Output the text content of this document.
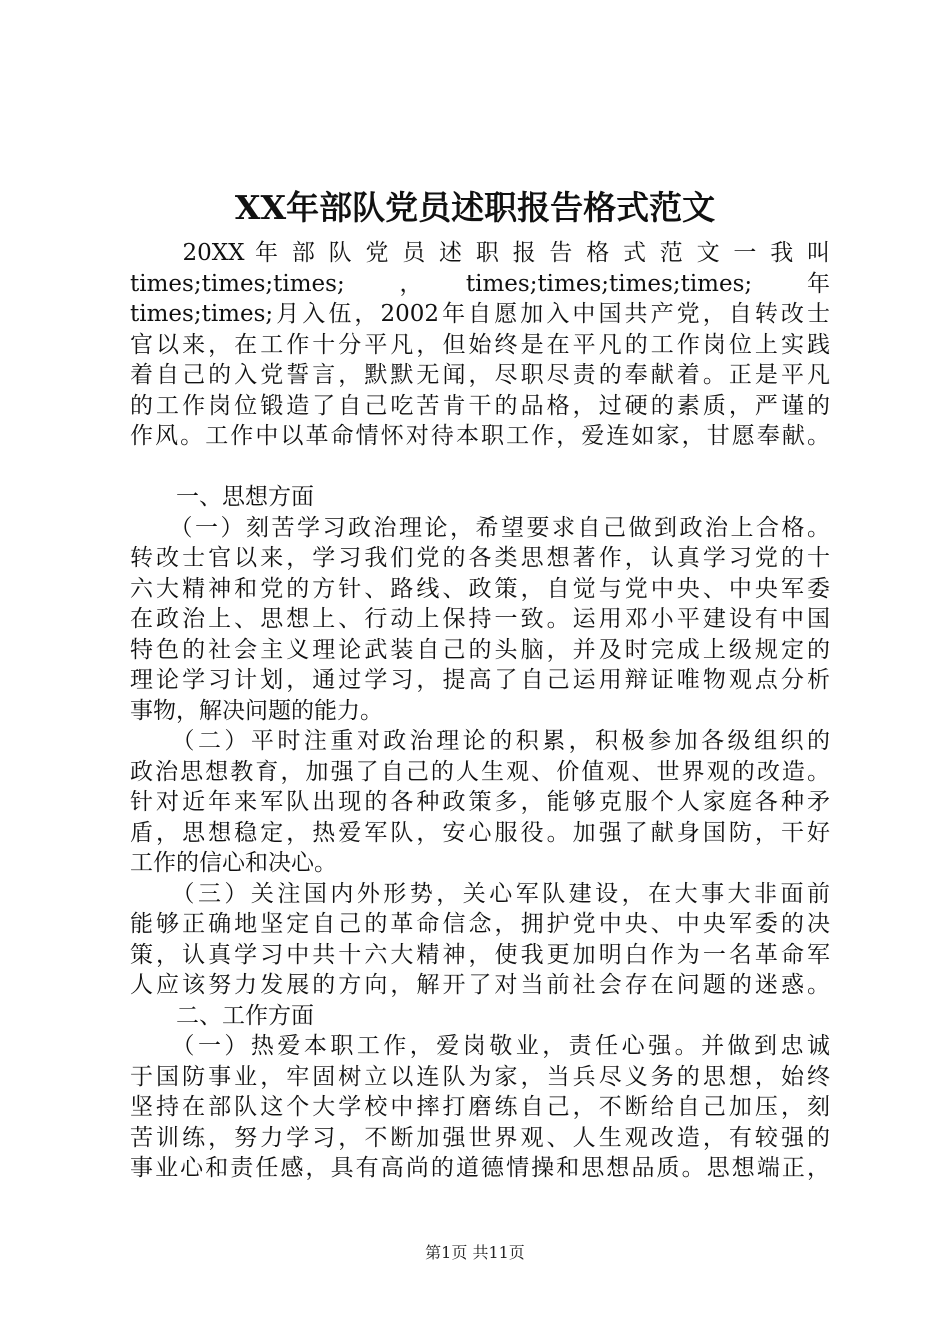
XX年部队党员述职报告格式范文
　　20XX 年 部 队 党 员 述 职 报 告 格 式 范 文 一 我 叫
times;times;times;　，　times;times;times;times;　年
times;times;月入伍，2002年自愿加入中国共产党，自转改士
官以来，在工作十分平凡，但始终是在平凡的工作岗位上实践
着自己的入党誓言，默默无闻，尽职尽责的奉献着。正是平凡
的工作岗位锻造了自己吃苦肯干的品格，过硬的素质，严谨的
作风。工作中以革命情怀对待本职工作，爱连如家，甘愿奉献。
　　一、思想方面
　　（一）刻苦学习政治理论，希望要求自己做到政治上合格。
转改士官以来，学习我们党的各类思想著作，认真学习党的十
六大精神和党的方针、路线、政策，自觉与党中央、中央军委
在政治上、思想上、行动上保持一致。运用邓小平建设有中国
特色的社会主义理论武装自己的头脑，并及时完成上级规定的
理论学习计划，通过学习，提高了自己运用辩证唯物观点分析
事物，解决问题的能力。
　　（二）平时注重对政治理论的积累，积极参加各级组织的
政治思想教育，加强了自己的人生观、价值观、世界观的改造。
针对近年来军队出现的各种政策多，能够克服个人家庭各种矛
盾，思想稳定，热爱军队，安心服役。加强了献身国防，干好
工作的信心和决心。
　　（三）关注国内外形势，关心军队建设，在大事大非面前
能够正确地坚定自己的革命信念，拥护党中央、中央军委的决
策，认真学习中共十六大精神，使我更加明白作为一名革命军
人应该努力发展的方向，解开了对当前社会存在问题的迷惑。
　　二、工作方面
　　（一）热爱本职工作，爱岗敬业，责任心强。并做到忠诚
于国防事业，牢固树立以连队为家，当兵尽义务的思想，始终
坚持在部队这个大学校中摔打磨练自己，不断给自己加压，刻
苦训练，努力学习，不断加强世界观、人生观改造，有较强的
事业心和责任感，具有高尚的道德情操和思想品质。思想端正，
第1页 共11页
